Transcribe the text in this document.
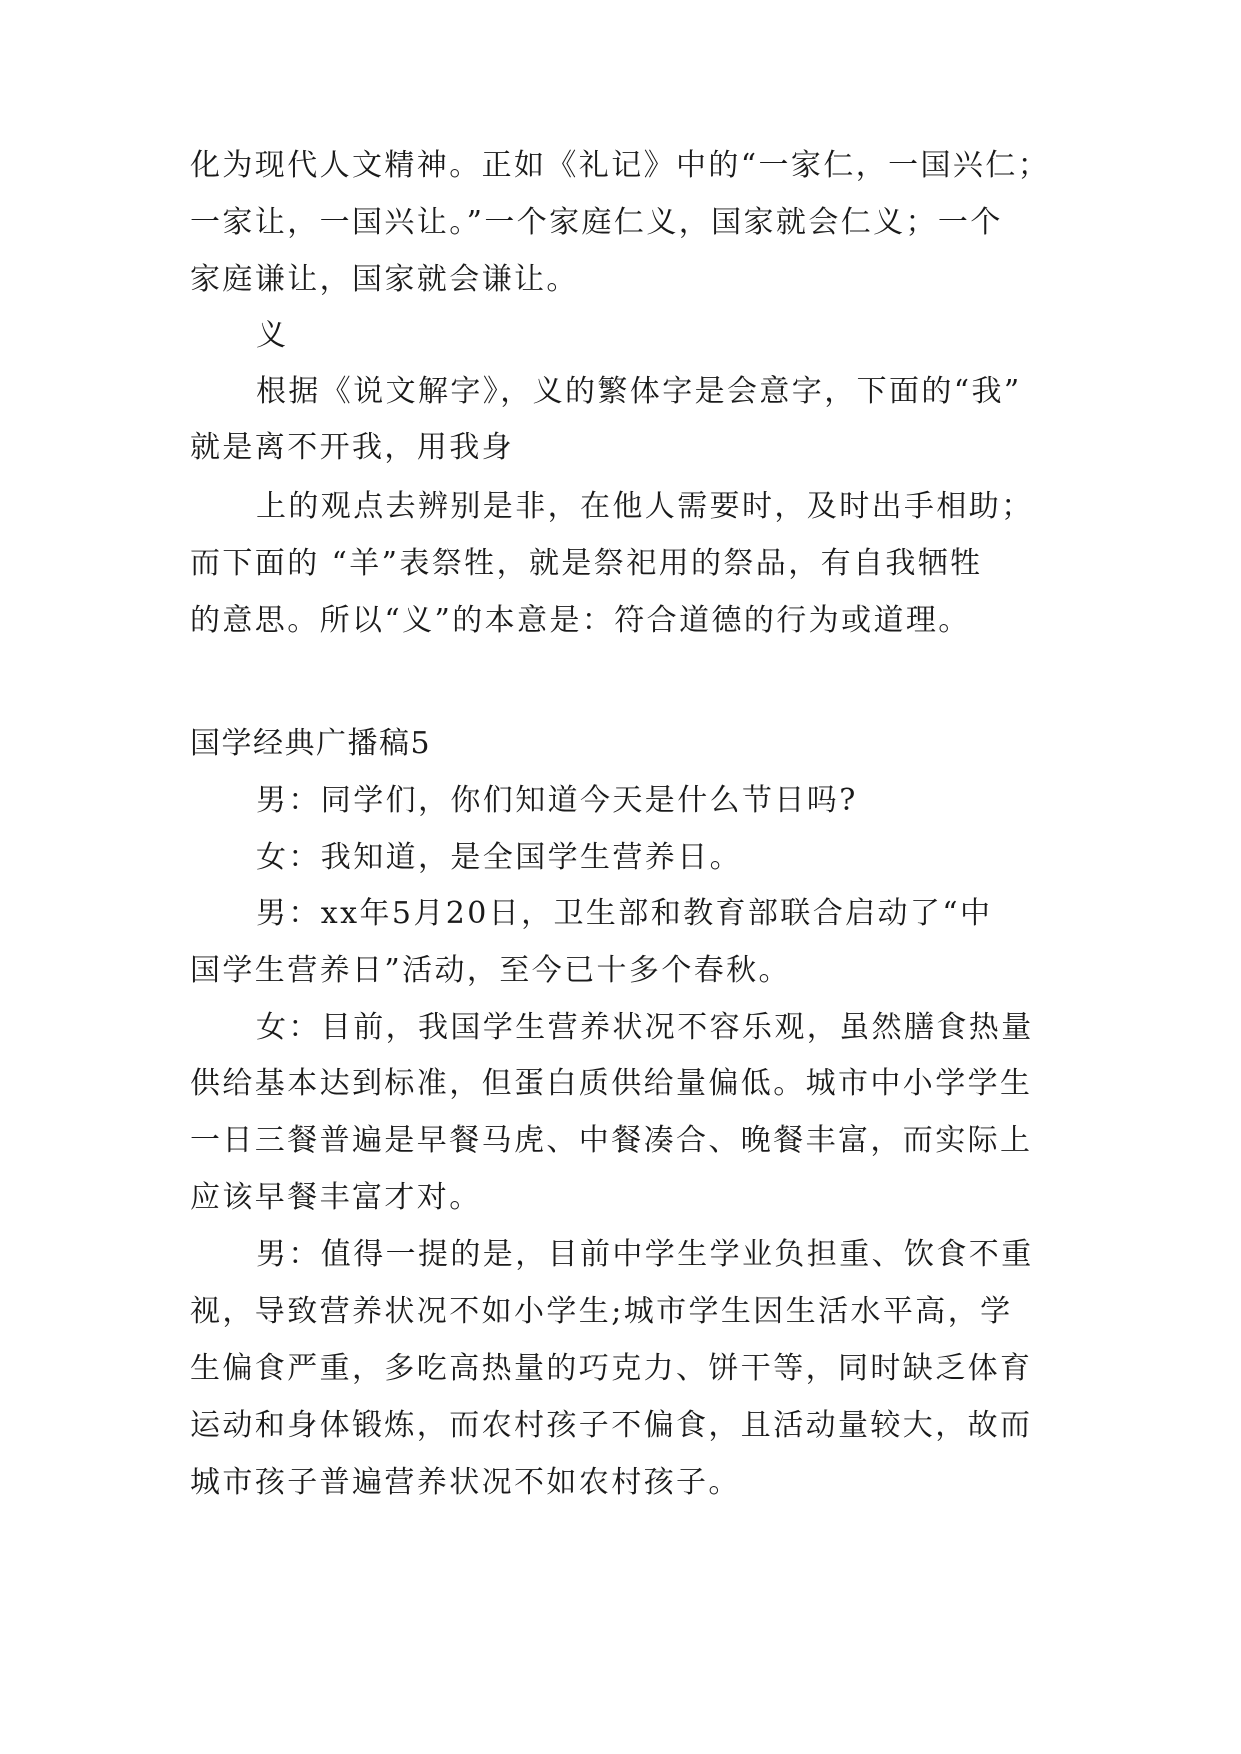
化为现代人文精神。正如《礼记》中的“一家仁，一国兴仁；
一家让，一国兴让。”一个家庭仁义，国家就会仁义；一个
家庭谦让，国家就会谦让。
义
根据《说文解字》，义的繁体字是会意字，下面的“我”
就是离不开我，用我身
上的观点去辨别是非，在他人需要时，及时出手相助；
而下面的 “羊”表祭牲，就是祭祀用的祭品，有自我牺牲
的意思。所以“义”的本意是：符合道德的行为或道理。
国学经典广播稿5
男：同学们，你们知道今天是什么节日吗?
女：我知道，是全国学生营养日。
男：xx年5月20日，卫生部和教育部联合启动了“中
国学生营养日”活动，至今已十多个春秋。
女：目前，我国学生营养状况不容乐观，虽然膳食热量
供给基本达到标准，但蛋白质供给量偏低。城市中小学学生
一日三餐普遍是早餐马虎、中餐凑合、晚餐丰富，而实际上
应该早餐丰富才对。
男：值得一提的是，目前中学生学业负担重、饮食不重
视，导致营养状况不如小学生;城市学生因生活水平高，学
生偏食严重，多吃高热量的巧克力、饼干等，同时缺乏体育
运动和身体锻炼，而农村孩子不偏食，且活动量较大，故而
城市孩子普遍营养状况不如农村孩子。
